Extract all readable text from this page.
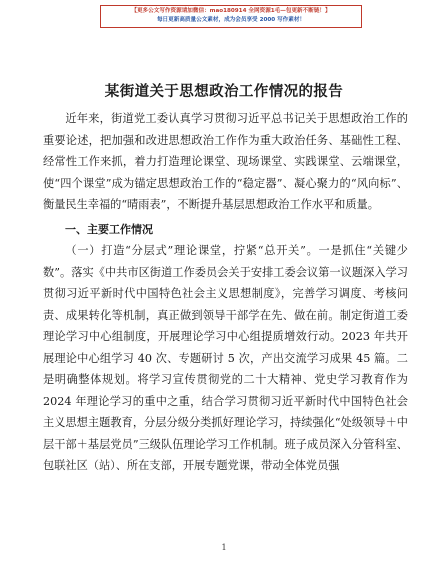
【更多公文写作资源请加微信：mao180914 全网资源1毛—包更新不断链！】
每日更新高质量公文素材，成为会员享受 2000 写作素材！
某街道关于思想政治工作情况的报告

近年来，街道党工委认真学习贯彻习近平总书记关于思想政治工作的重要论述，把加强和改进思想政治工作作为重大政治任务、基础性工程、经常性工作来抓，着力打造理论课堂、现场课堂、实践课堂、云端课堂，使“四个课堂”成为锚定思想政治工作的“稳定器”、凝心聚力的“风向标”、衡量民生幸福的“晴雨表”，不断提升基层思想政治工作水平和质量。

一、主要工作情况

（一）打造“分层式”理论课堂，拧紧“总开关”。一是抓住“关键少数”。落实《中共市区街道工作委员会关于安排工委会议第一议题深入学习贯彻习近平新时代中国特色社会主义思想制度》，完善学习调度、考核问责、成果转化等机制，真正做到领导干部学在先、做在前。制定街道工委理论学习中心组制度，开展理论学习中心组提质增效行动。2023 年共开展理论中心组学习 40 次、专题研讨 5 次，产出交流学习成果 45 篇。二是明确整体规划。将学习宣传贯彻党的二十大精神、党史学习教育作为 2024 年理论学习的重中之重，结合学习贯彻习近平新时代中国特色社会主义思想主题教育，分层分级分类抓好理论学习，持续强化“处级领导＋中层干部＋基层党员”三级队伍理论学习工作机制。班子成员深入分管科室、包联社区（站）、所在支部，开展专题党课，带动全体党员强

1
